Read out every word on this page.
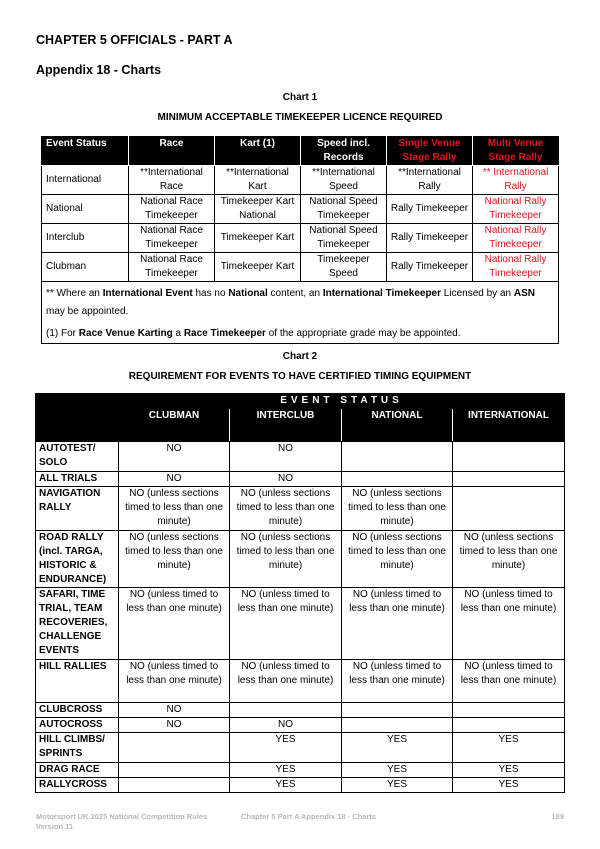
CHAPTER 5 OFFICIALS - PART A
Appendix 18 - Charts
Chart 1
MINIMUM ACCEPTABLE TIMEKEEPER LICENCE REQUIRED
Event Status	Race	Kart (1)	Speed incl. Records	Single Venue Stage Rally	Multi Venue Stage Rally
International	**International Race	**International Kart	**International Speed	**International Rally	** International Rally
National	National Race Timekeeper	Timekeeper Kart National	National Speed Timekeeper	Rally Timekeeper	National Rally Timekeeper
Interclub	National Race Timekeeper	Timekeeper Kart	National Speed Timekeeper	Rally Timekeeper	National Rally Timekeeper
Clubman	National Race Timekeeper	Timekeeper Kart	Timekeeper Speed	Rally Timekeeper	National Rally Timekeeper

** Where an International Event has no National content, an International Timekeeper Licensed by an ASN
may be appointed.
(1) For Race Venue Karting a Race Timekeeper of the appropriate grade may be appointed.					
Chart 2
REQUIREMENT FOR EVENTS TO HAVE CERTIFIED TIMING EQUIPMENT
	EVENT STATUS			
	CLUBMAN	INTERCLUB	NATIONAL	INTERNATIONAL
AUTOTEST/ SOLO	NO	NO		
ALL TRIALS	NO	NO		
NAVIGATION RALLY	NO (unless sections timed to less than one minute)	NO (unless sections timed to less than one minute)	NO (unless sections timed to less than one minute)	
ROAD RALLY (incl. TARGA, HISTORIC & ENDURANCE)	NO (unless sections timed to less than one minute)	NO (unless sections timed to less than one minute)	NO (unless sections timed to less than one minute)	NO (unless sections timed to less than one minute)
SAFARI, TIME TRIAL, TEAM RECOVERIES, CHALLENGE EVENTS	NO (unless timed to less than one minute)	NO (unless timed to less than one minute)	NO (unless timed to less than one minute)	NO (unless timed to less than one minute)
HILL RALLIES	NO (unless timed to less than one minute)	NO (unless timed to less than one minute)	NO (unless timed to less than one minute)	NO (unless timed to less than one minute)
CLUBCROSS	NO			
AUTOCROSS	NO	NO		
HILL CLIMBS/ SPRINTS		YES	YES	YES
DRAG RACE		YES	YES	YES
RALLYCROSS		YES	YES	YES
Motorsport UK 2025 National Competition Rules
Version 11
Chapter 5 Part A Appendix 18 - Charts	189
